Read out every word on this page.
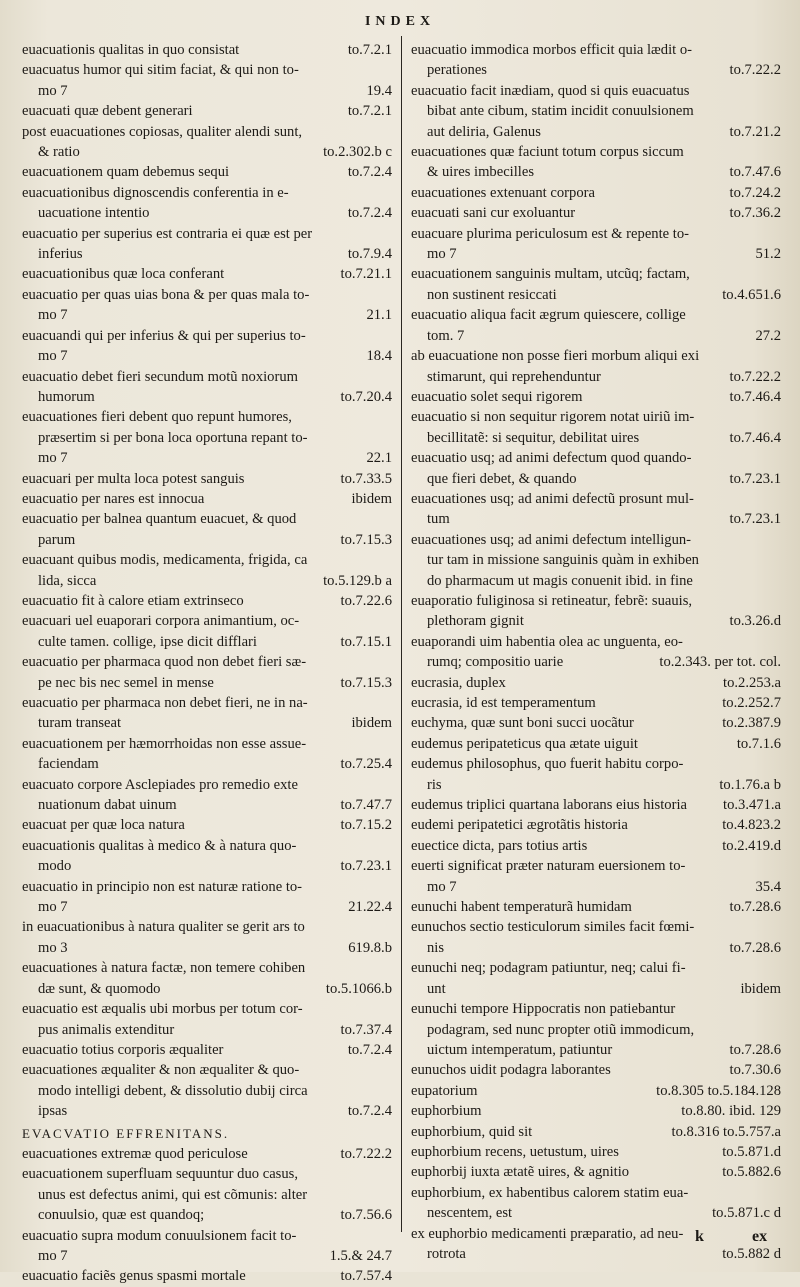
INDEX
euacuationis qualitas in quo consistat	to.7.2.1
euacuatus humor qui sitim faciat, & qui non to-
mo 7	19.4
euacuati quæ debent generari	to.7.2.1
post euacuationes copiosas, qualiter alendi sunt,
& ratio	to.2.302.b c
euacuationem quam debemus sequi	to.7.2.4
euacuationibus dignoscendis conferentia in e-
uacuatione intentio	to.7.2.4
euacuatio per superius est contraria ei quæ est per
inferius	to.7.9.4
euacuationibus quæ loca conferant	to.7.21.1
euacuatio per quas uias bona & per quas mala to-
mo 7	21.1
euacuandi qui per inferius & qui per superius to-
mo 7	18.4
euacuatio debet fieri secundum motũ noxiorum
humorum	to.7.20.4
euacuationes fieri debent quo repunt humores,
præsertim si per bona loca oportuna repant to-
mo 7	22.1
euacuari per multa loca potest sanguis	to.7.33.5
euacuatio per nares est innocua	ibidem
euacuatio per balnea quantum euacuet, & quod
parum	to.7.15.3
euacuant quibus modis, medicamenta, frigida, ca
lida, sicca	to.5.129.b a
euacuatio fit à calore etiam extrinseco	to.7.22.6
euacuari uel euaporari corpora animantium, oc-
culte tamen. collige, ipse dicit difflari	to.7.15.1
euacuatio per pharmaca quod non debet fieri sæ-
pe nec bis nec semel in mense	to.7.15.3
euacuatio per pharmaca non debet fieri, ne in na-
turam transeat	ibidem
euacuationem per hæmorrhoidas non esse assue-
faciendam	to.7.25.4
euacuato corpore Asclepiades pro remedio exte
nuationum dabat uinum	to.7.47.7
euacuat per quæ loca natura	to.7.15.2
euacuationis qualitas à medico & à natura quo-
modo	to.7.23.1
euacuatio in principio non est naturæ ratione to-
mo 7	21.22.4
in euacuationibus à natura qualiter se gerit ars to
mo 3	619.8.b
euacuationes à natura factæ, non temere cohiben
dæ sunt, & quomodo	to.5.1066.b
euacuatio est æqualis ubi morbus per totum cor-
pus animalis extenditur	to.7.37.4
euacuatio totius corporis æqualiter	to.7.2.4
euacuationes æqualiter & non æqualiter & quo-
modo intelligi debent, & dissolutio dubij circa
ipsas	to.7.2.4
EVACVATIO EFFRENITANS.
euacuationes extremæ quod periculose	to.7.22.2
euacuationem superfluam sequuntur duo casus,
unus est defectus animi, qui est cõmunis: alter
conuulsio, quæ est quandoq;	to.7.56.6
euacuatio supra modum conuulsionem facit to-
mo 7	1.5.& 24.7
euacuatio faciẽs genus spasmi mortale	to.7.57.4
euacuatio immodica morbos efficit quia lædit o-
perationes	to.7.22.2
euacuatio facit inædiam, quod si quis euacuatus
bibat ante cibum, statim incidit conuulsionem
aut deliria, Galenus	to.7.21.2
euacuationes quæ faciunt totum corpus siccum
& uires imbecilles	to.7.47.6
euacuationes extenuant corpora	to.7.24.2
euacuati sani cur exoluantur	to.7.36.2
euacuare plurima periculosum est & repente to-
mo 7	51.2
euacuationem sanguinis multam, utcũq; factam,
non sustinent resiccati	to.4.651.6
euacuatio aliqua facit ægrum quiescere, collige
tom. 7	27.2
ab euacuatione non posse fieri morbum aliqui exi
stimarunt, qui reprehenduntur	to.7.22.2
euacuatio solet sequi rigorem	to.7.46.4
euacuatio si non sequitur rigorem notat uiriũ im-
becillitatẽ: si sequitur, debilitat uires	to.7.46.4
euacuatio usq; ad animi defectum quod quando-
que fieri debet, & quando	to.7.23.1
euacuationes usq; ad animi defectũ prosunt mul-
tum	to.7.23.1
euacuationes usq; ad animi defectum intelligun-
tur tam in missione sanguinis quàm in exhiben
do pharmacum ut magis conuenit ibid. in fine
euaporatio fuliginosa si retineatur, febrẽ: suauis,
plethoram gignit	to.3.26.d
euaporandi uim habentia olea ac unguenta, eo-
rumq; compositio uarie	to.2.343. per tot. col.
eucrasia, duplex	to.2.253.a
eucrasia, id est temperamentum	to.2.252.7
euchyma, quæ sunt boni succi uocãtur	to.2.387.9
eudemus peripateticus qua ætate uiguit	to.7.1.6
eudemus philosophus, quo fuerit habitu corpo-
ris	to.1.76.a b
eudemus triplici quartana laborans eius historia	to.3.471.a
eudemi peripatetici ægrotãtis historia	to.4.823.2
euectice dicta, pars totius artis	to.2.419.d
euerti significat præter naturam euersionem to-
mo 7	35.4
eunuchi habent temperaturã humidam	to.7.28.6
eunuchos sectio testiculorum similes facit fœmi-
nis	to.7.28.6
eunuchi neq; podagram patiuntur, neq; calui fi-
unt	ibidem
eunuchi tempore Hippocratis non patiebantur
podagram, sed nunc propter otiũ immodicum,
uictum intemperatum, patiuntur	to.7.28.6
eunuchos uidit podagra laborantes	to.7.30.6
eupatorium	to.8.305 to.5.184.128
euphorbium	to.8.80. ibid. 129
euphorbium, quid sit	to.8.316 to.5.757.a
euphorbium recens, uetustum, uires	to.5.871.d
euphorbij iuxta ætatẽ uires, & agnitio	to.5.882.6
euphorbium, ex habentibus calorem statim eua-
nescentem, est	to.5.871.c d
ex euphorbio medicamenti præparatio, ad neu-
rotrota	to.5.882 d
k	ex
